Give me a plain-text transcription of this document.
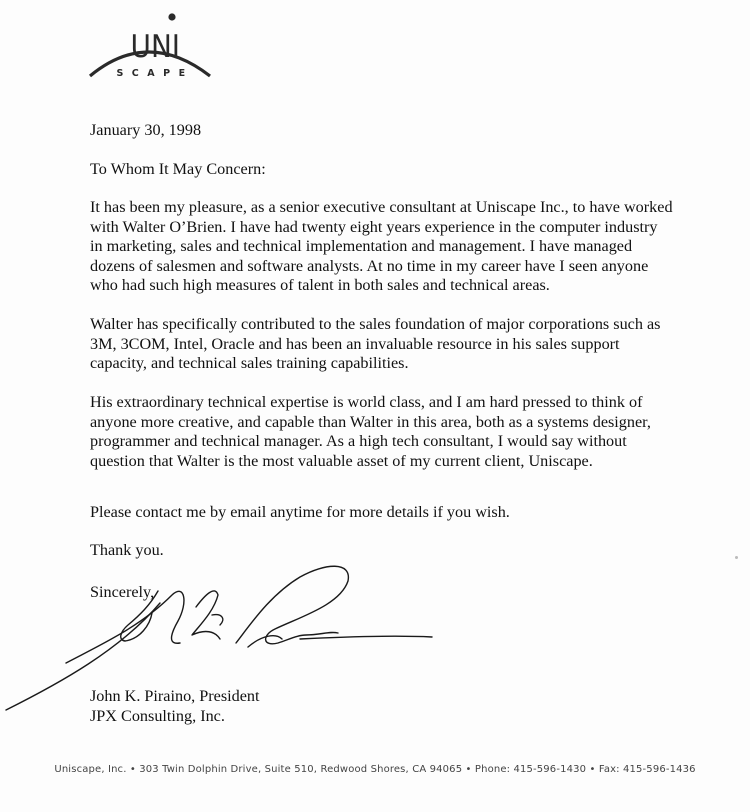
UNI
SCAPE

January 30, 1998

To Whom It May Concern:

It has been my pleasure, as a senior executive consultant at Uniscape Inc., to have worked
with Walter O’Brien. I have had twenty eight years experience in the computer industry
in marketing, sales and technical implementation and management. I have managed
dozens of salesmen and software analysts. At no time in my career have I seen anyone
who had such high measures of talent in both sales and technical areas.

Walter has specifically contributed to the sales foundation of major corporations such as
3M, 3COM, Intel, Oracle and has been an invaluable resource in his sales support
capacity, and technical sales training capabilities.

His extraordinary technical expertise is world class, and I am hard pressed to think of
anyone more creative, and capable than Walter in this area, both as a systems designer,
programmer and technical manager. As a high tech consultant, I would say without
question that Walter is the most valuable asset of my current client, Uniscape.

Please contact me by email anytime for more details if you wish.

Thank you.

Sincerely,

John K. Piraino, President

JPX Consulting, Inc.

Uniscape, Inc. • 303 Twin Dolphin Drive, Suite 510, Redwood Shores, CA 94065 • Phone: 415-596-1430 • Fax: 415-596-1436
